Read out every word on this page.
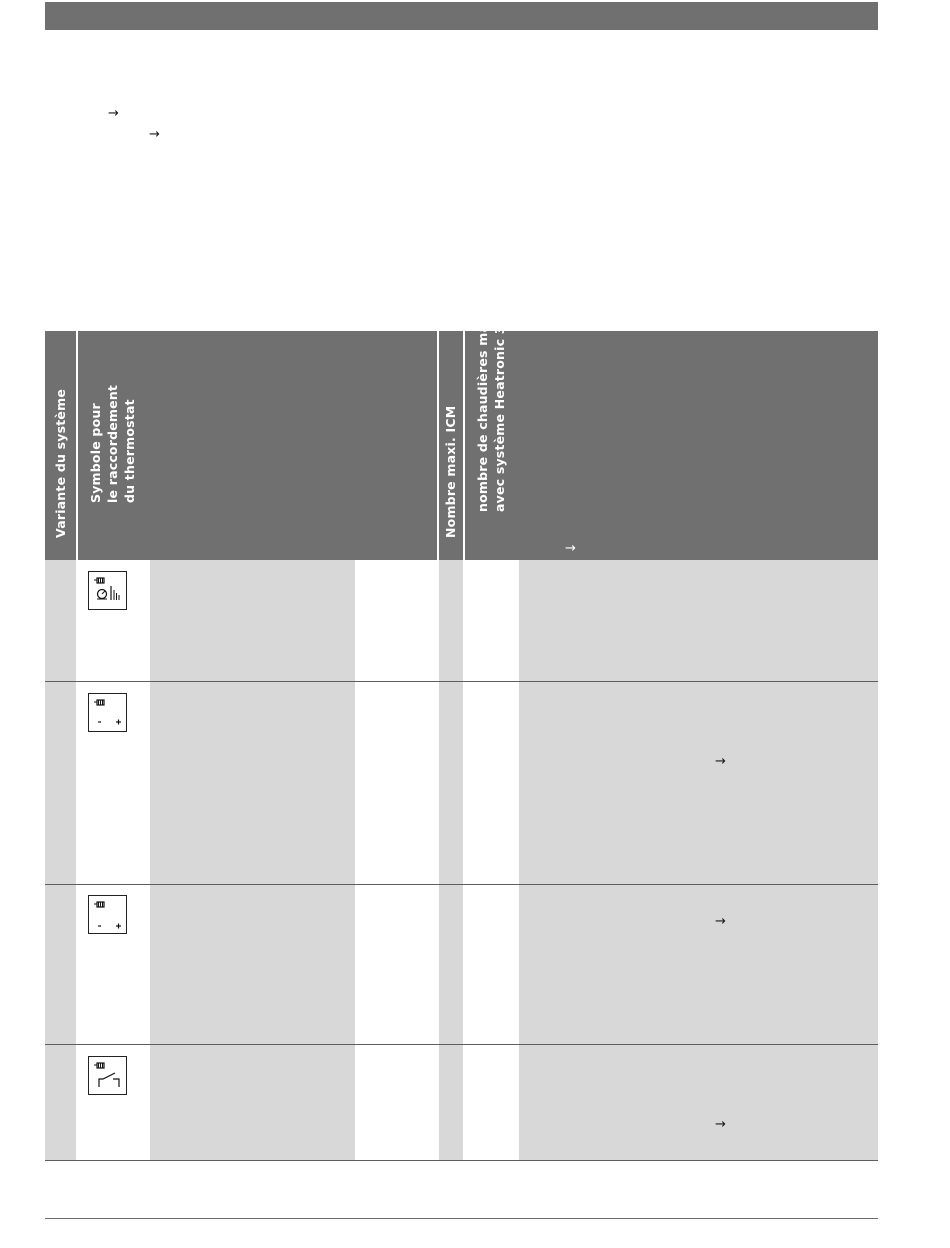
→
→
Variante du système Symbole pour le raccordement du thermostat	Nombre maxi. ICM nombre de chaudières maxi. avec système Heatronic 3
→
→
→
→
